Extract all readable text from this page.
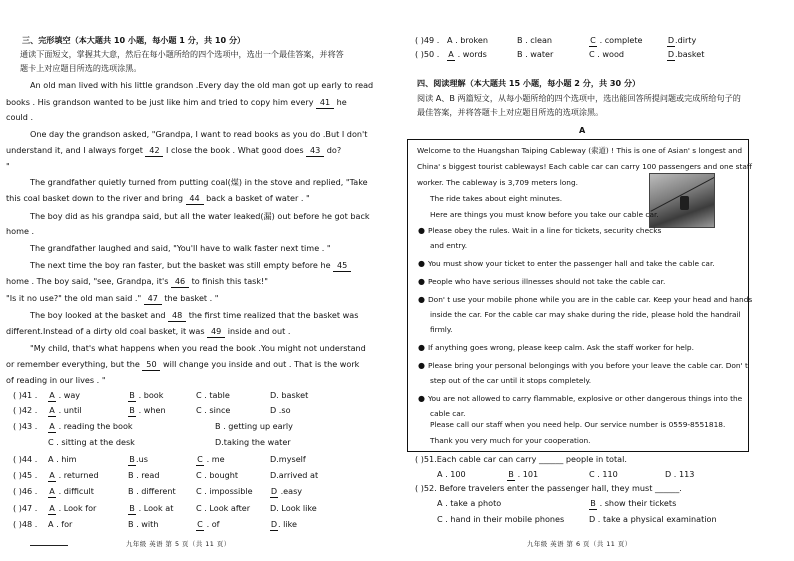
三、完形填空（本大题共 10 小题，每小题 1 分，共 10 分）
通读下面短文，掌握其大意，然后在每小题所给的四个选项中，选出一个最佳答案，并将答
题卡上对应题目所选的选项涂黑。
An old man lived with his little grandson .Every day the old man got up early to read
books . His grandson wanted to be just like him and tried to copy him every 41 he
could .
One day the grandson asked, "Grandpa, I want to read books as you do .But I don't
understand it, and I always forget 42 I close the book . What good does 43 do?
"
The grandfather quietly turned from putting coal(煤) in the stove and replied, "Take
this coal basket down to the river and bring 44 back a basket of water . "
The boy did as his grandpa said, but all the water leaked(漏) out before he got back
home .
The grandfather laughed and said, "You'll have to walk faster next time . "
The next time the boy ran faster, but the basket was still empty before he 45
home . The boy said, "see, Grandpa, it's 46 to finish this task!"
"Is it no use?" the old man said ." 47 the basket . "
The boy looked at the basket and 48 the first time realized that the basket was
different.Instead of a dirty old coal basket, it was 49 inside and out .
"My child, that's what happens when you read the book .You might not understand
or remember everything, but the 50 will change you inside and out . That is the work
of reading in our lives . "
( )41 . A . way	B . book	C . table	D. basket
( )42 . A . until	B . when	C . since	D .so
( )43 . A . reading the book	B . getting up early
C . sitting at the desk	D.taking the water
( )44 . A . him	B.us	C . me	D.myself
( )45 . A . returned	B . read	C . bought	D.arrived at
( )46 . A . difficult	B . different	C . impossible D .easy
( )47 . A . Look for	B . Look at	C . Look after D. Look like
( )48 . A . for	B . with	C . of	D. like
九年级 英语 第 5 页（共 11 页）
( )49 . A . broken	B . clean	C . complete	D.dirty
( )50 . A . words	B . water	C . wood	D.basket
四、阅读理解（本大题共 15 小题，每小题 2 分，共 30 分）
阅读 A、B 两篇短文，从每小题所给的四个选项中，选出能回答所提问题或完成所给句子的
最佳答案，并将答题卡上对应题目所选的选项涂黑。
A
Welcome to the Huangshan Taiping Cableway (索道) ! This is one of Asian' s longest and
China' s biggest tourist cableways! Each cable car can carry 100 passengers and one staff
worker. The cableway is 3,709 meters long.
The ride takes about eight minutes.
Here are things you must know before you take our cable car.
● Please obey the rules. Wait in a line for tickets, security checks
and entry.
● You must show your ticket to enter the passenger hall and take the cable car.
● People who have serious illnesses should not take the cable car.
● Don' t use your mobile phone while you are in the cable car. Keep your head and hands
inside the car. For the cable car may shake during the ride, please hold the handrail
firmly.
● If anything goes wrong, please keep calm. Ask the staff worker for help.
● Please bring your personal belongings with you before your leave the cable car. Don' t
step out of the car until it stops completely.
● You are not allowed to carry flammable, explosive or other dangerous things into the
cable car.
Please call our staff when you need help. Our service number is 0559-8551818.
Thank you very much for your cooperation.
( )51.Each cable car can carry ______ people in total.
A . 100	B . 101	C . 110	D . 113
( )52. Before travelers enter the passenger hall, they must ______.
A . take a photo	B . show their tickets
C . hand in their mobile phones	D . take a physical examination
九年级 英语 第 6 页（共 11 页）
